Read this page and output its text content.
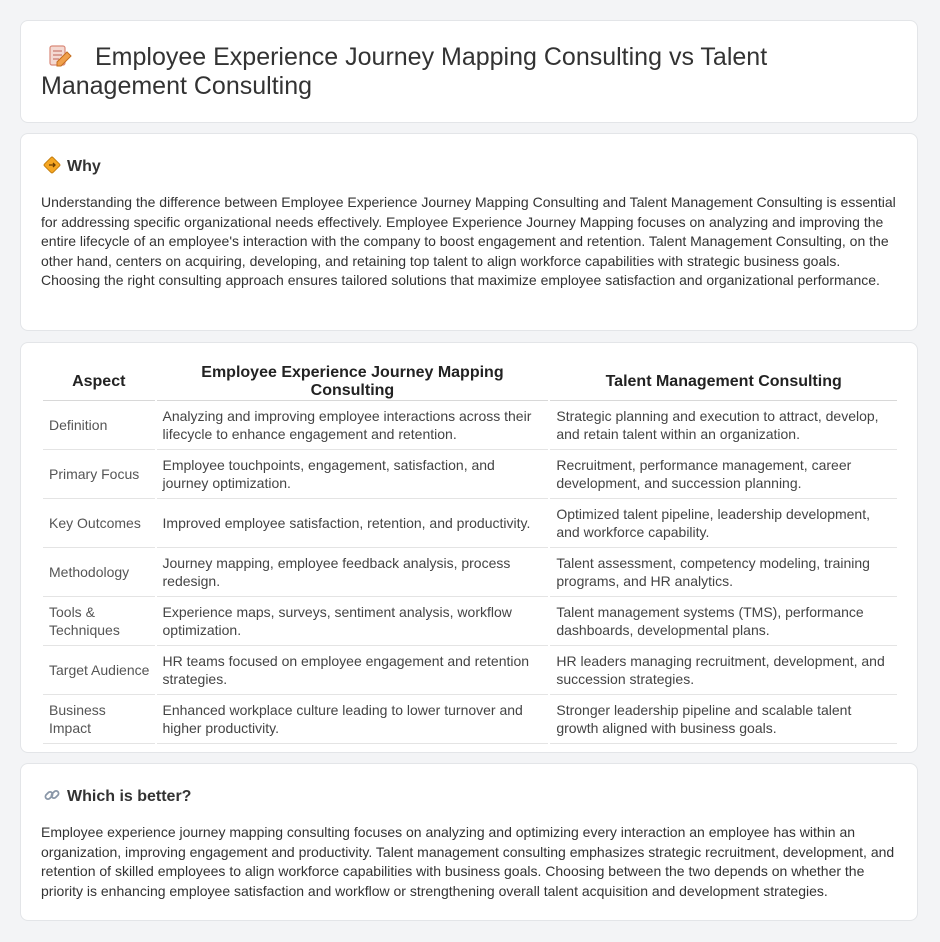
Employee Experience Journey Mapping Consulting vs Talent Management Consulting
Why

Understanding the difference between Employee Experience Journey Mapping Consulting and Talent Management Consulting is essential for addressing specific organizational needs effectively. Employee Experience Journey Mapping focuses on analyzing and improving the entire lifecycle of an employee's interaction with the company to boost engagement and retention. Talent Management Consulting, on the other hand, centers on acquiring, developing, and retaining top talent to align workforce capabilities with strategic business goals. Choosing the right consulting approach ensures tailored solutions that maximize employee satisfaction and organizational performance.

Aspect	Employee Experience Journey Mapping Consulting	Talent Management Consulting
Definition	Analyzing and improving employee interactions across their lifecycle to enhance engagement and retention.	Strategic planning and execution to attract, develop, and retain talent within an organization.
Primary Focus	Employee touchpoints, engagement, satisfaction, and journey optimization.	Recruitment, performance management, career development, and succession planning.
Key Outcomes	Improved employee satisfaction, retention, and productivity.	Optimized talent pipeline, leadership development, and workforce capability.
Methodology	Journey mapping, employee feedback analysis, process redesign.	Talent assessment, competency modeling, training programs, and HR analytics.
Tools & Techniques	Experience maps, surveys, sentiment analysis, workflow optimization.	Talent management systems (TMS), performance dashboards, developmental plans.
Target Audience	HR teams focused on employee engagement and retention strategies.	HR leaders managing recruitment, development, and succession strategies.
Business Impact	Enhanced workplace culture leading to lower turnover and higher productivity.	Stronger leadership pipeline and scalable talent growth aligned with business goals.
Which is better?

Employee experience journey mapping consulting focuses on analyzing and optimizing every interaction an employee has within an organization, improving engagement and productivity. Talent management consulting emphasizes strategic recruitment, development, and retention of skilled employees to align workforce capabilities with business goals. Choosing between the two depends on whether the priority is enhancing employee satisfaction and workflow or strengthening overall talent acquisition and development strategies.
